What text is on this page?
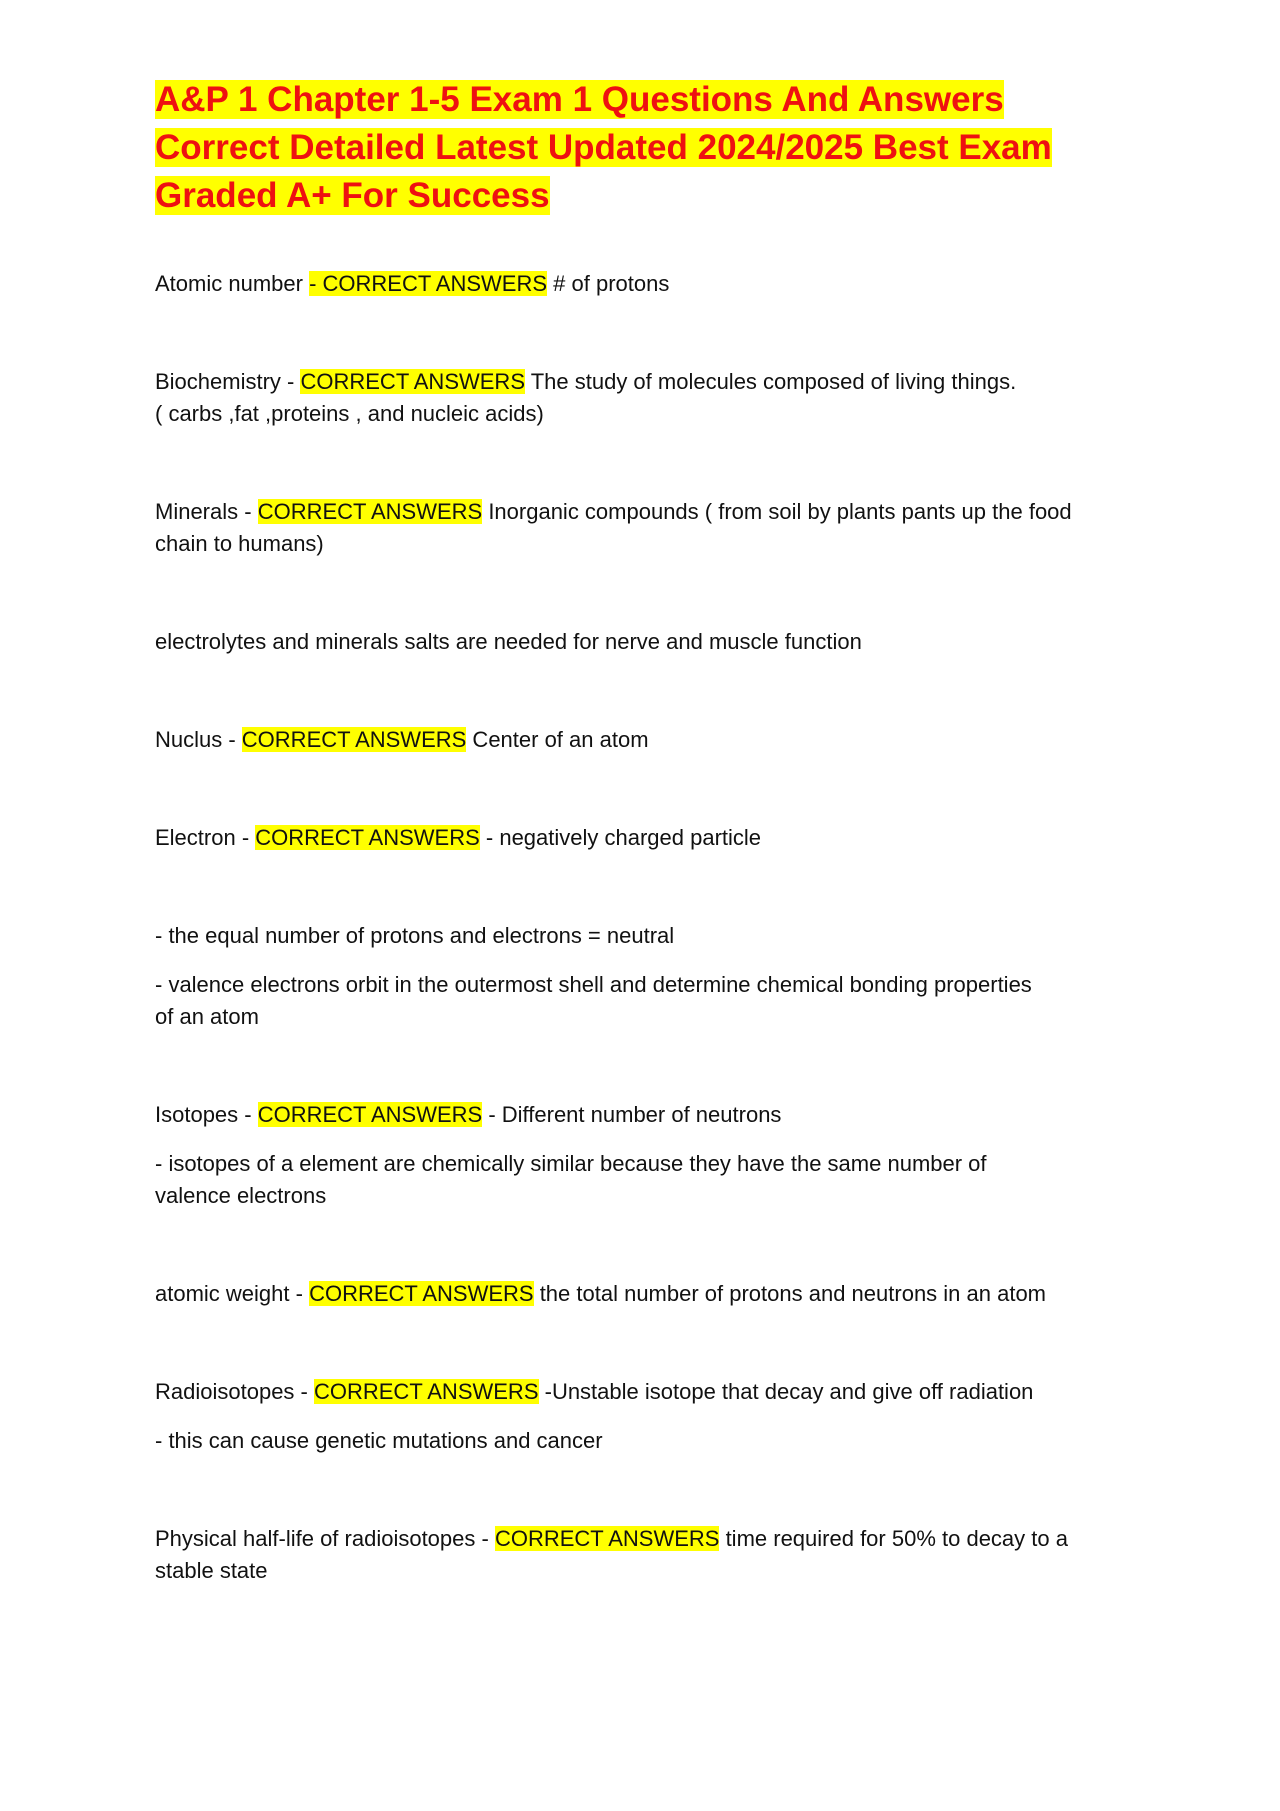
A&P 1 Chapter 1-5 Exam 1 Questions And Answers Correct Detailed Latest Updated 2024/2025 Best Exam Graded A+ For Success

Atomic number - CORRECT ANSWERS # of protons

Biochemistry - CORRECT ANSWERS The study of molecules composed of living things.
( carbs ,fat ,proteins , and nucleic acids)

Minerals - CORRECT ANSWERS Inorganic compounds ( from soil by plants pants up the food
chain to humans)

electrolytes and minerals salts are needed for nerve and muscle function

Nuclus - CORRECT ANSWERS Center of an atom

Electron - CORRECT ANSWERS - negatively charged particle

- the equal number of protons and electrons = neutral

- valence electrons orbit in the outermost shell and determine chemical bonding properties
of an atom

Isotopes - CORRECT ANSWERS - Different number of neutrons

- isotopes of a element are chemically similar because they have the same number of
valence electrons

atomic weight - CORRECT ANSWERS the total number of protons and neutrons in an atom

Radioisotopes - CORRECT ANSWERS -Unstable isotope that decay and give off radiation

- this can cause genetic mutations and cancer

Physical half-life of radioisotopes - CORRECT ANSWERS time required for 50% to decay to a
stable state
